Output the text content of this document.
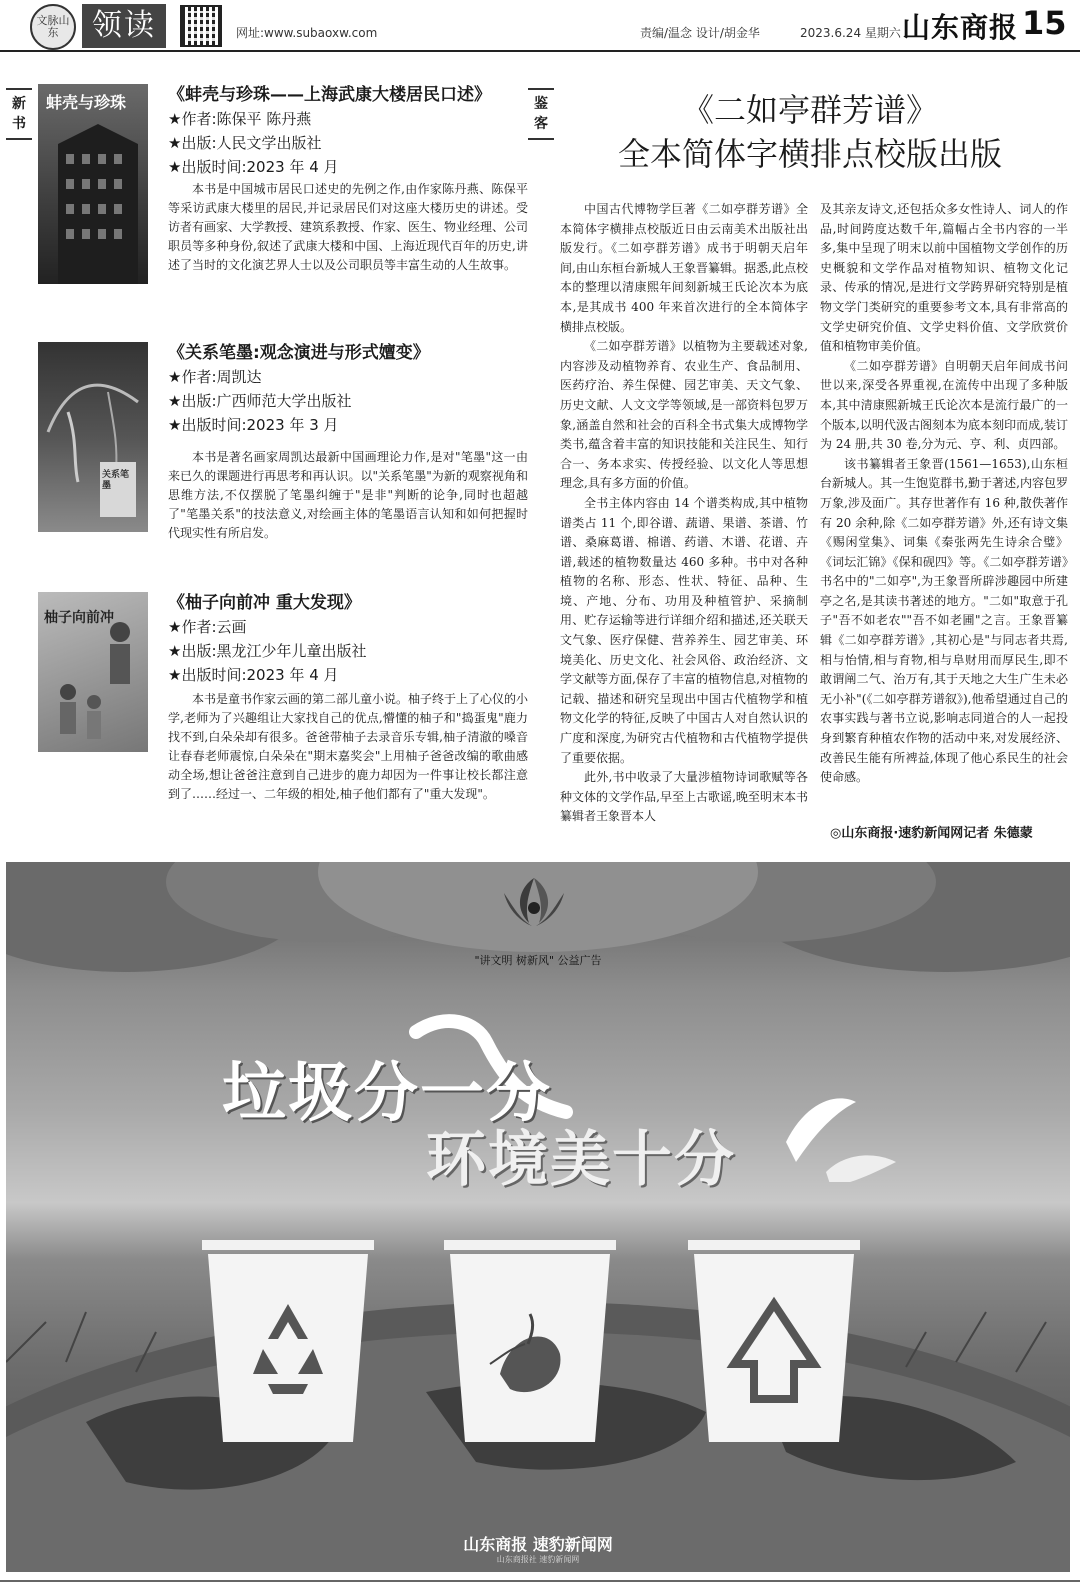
文脉山东	领读	网址:www.subaoxw.com	责编/温念 设计/胡金华	2023.6.24 星期六 山东商报 15
新书
鉴客
蚌壳与珍珠 《蚌壳与珍珠——上海武康大楼居民口述》
★作者:陈保平 陈丹燕
★出版:人民文学出版社
★出版时间:2023 年 4 月
本书是中国城市居民口述史的先例之作,由作家陈丹燕、陈保平等采访武康大楼里的居民,并记录居民们对这座大楼历史的讲述。受访者有画家、大学教授、建筑系教授、作家、医生、物业经理、公司职员等多种身份,叙述了武康大楼和中国、上海近现代百年的历史,讲述了当时的文化演艺界人士以及公司职员等丰富生动的人生故事。
关系笔墨
《关系笔墨:观念演进与形式嬗变》
★作者:周凯达
★出版:广西师范大学出版社
★出版时间:2023 年 3 月
本书是著名画家周凯达最新中国画理论力作,是对"笔墨"这一由来已久的课题进行再思考和再认识。以"关系笔墨"为新的观察视角和思维方法,不仅摆脱了笔墨纠缠于"是非"判断的论争,同时也超越了"笔墨关系"的技法意义,对绘画主体的笔墨语言认知和如何把握时代现实性有所启发。
柚子向前冲
《柚子向前冲 重大发现》
★作者:云画
★出版:黑龙江少年儿童出版社
★出版时间:2023 年 4 月
本书是童书作家云画的第二部儿童小说。柚子终于上了心仪的小学,老师为了兴趣组让大家找自己的优点,懵懂的柚子和"捣蛋鬼"鹿力找不到,白朵朵却有很多。爸爸带柚子去录音乐专辑,柚子清澈的嗓音让春春老师震惊,白朵朵在"期末嘉奖会"上用柚子爸爸改编的歌曲感动全场,想让爸爸注意到自己进步的鹿力却因为一件事让校长都注意到了……经过一、二年级的相处,柚子他们都有了"重大发现"。
《二如亭群芳谱》
全本简体字横排点校版出版

中国古代博物学巨著《二如亭群芳谱》全本简体字横排点校版近日由云南美术出版社出版发行。《二如亭群芳谱》成书于明朝天启年间,由山东桓台新城人王象晋纂辑。据悉,此点校本的整理以清康熙年间刻新城王氏论次本为底本,是其成书 400 年来首次进行的全本简体字横排点校版。

《二如亭群芳谱》以植物为主要载述对象,内容涉及动植物养育、农业生产、食品制用、医药疗治、养生保健、园艺审美、天文气象、历史文献、人文文学等领域,是一部资料包罗万象,涵盖自然和社会的百科全书式集大成博物学类书,蕴含着丰富的知识技能和关注民生、知行合一、务本求实、传授经验、以文化人等思想理念,具有多方面的价值。

全书主体内容由 14 个谱类构成,其中植物谱类占 11 个,即谷谱、蔬谱、果谱、茶谱、竹谱、桑麻葛谱、棉谱、药谱、木谱、花谱、卉谱,载述的植物数量达 460 多种。书中对各种植物的名称、形态、性状、特征、品种、生境、产地、分布、功用及种植管护、采摘制用、贮存运输等进行详细介绍和描述,还关联天文气象、医疗保健、营养养生、园艺审美、环境美化、历史文化、社会风俗、政治经济、文学文献等方面,保存了丰富的植物信息,对植物的记载、描述和研究呈现出中国古代植物学和植物文化学的特征,反映了中国古人对自然认识的广度和深度,为研究古代植物和古代植物学提供了重要依据。

此外,书中收录了大量涉植物诗词歌赋等各种文体的文学作品,早至上古歌谣,晚至明末本书纂辑者王象晋本人

及其亲友诗文,还包括众多女性诗人、词人的作品,时间跨度达数千年,篇幅占全书内容的一半多,集中呈现了明末以前中国植物文学创作的历史概貌和文学作品对植物知识、植物文化记录、传承的情况,是进行文学跨界研究特别是植物文学门类研究的重要参考文本,具有非常高的文学史研究价值、文学史料价值、文学欣赏价值和植物审美价值。

《二如亭群芳谱》自明朝天启年间成书问世以来,深受各界重视,在流传中出现了多种版本,其中清康熙新城王氏论次本是流行最广的一个版本,以明代汲古阁刻本为底本刻印而成,装订为 24 册,共 30 卷,分为元、亨、利、贞四部。

该书纂辑者王象晋(1561—1653),山东桓台新城人。其一生饱览群书,勤于著述,内容包罗万象,涉及面广。其存世著作有 16 种,散佚著作有 20 余种,除《二如亭群芳谱》外,还有诗文集《赐闲堂集》、词集《秦张两先生诗余合璧》《词坛汇锦》《保和砚四》等。《二如亭群芳谱》书名中的"二如亭",为王象晋所辟涉趣园中所建亭之名,是其读书著述的地方。"二如"取意于孔子"吾不如老农""吾不如老圃"之言。王象晋纂辑《二如亭群芳谱》,其初心是"与同志者共焉,相与怡情,相与育物,相与阜财用而厚民生,即不敢谓阐二气、治万有,其于天地之大生广生未必无小补"(《二如亭群芳谱叙》),他希望通过自己的农事实践与著书立说,影响志同道合的人一起投身到繁育种植农作物的活动中来,对发展经济、改善民生能有所裨益,体现了他心系民生的社会使命感。

◎山东商报·速豹新闻网记者 朱德蒙
"讲文明 树新风" 公益广告
垃圾分一分
环境美十分
山东商报 速豹新闻网
山东商报社 速豹新闻网
